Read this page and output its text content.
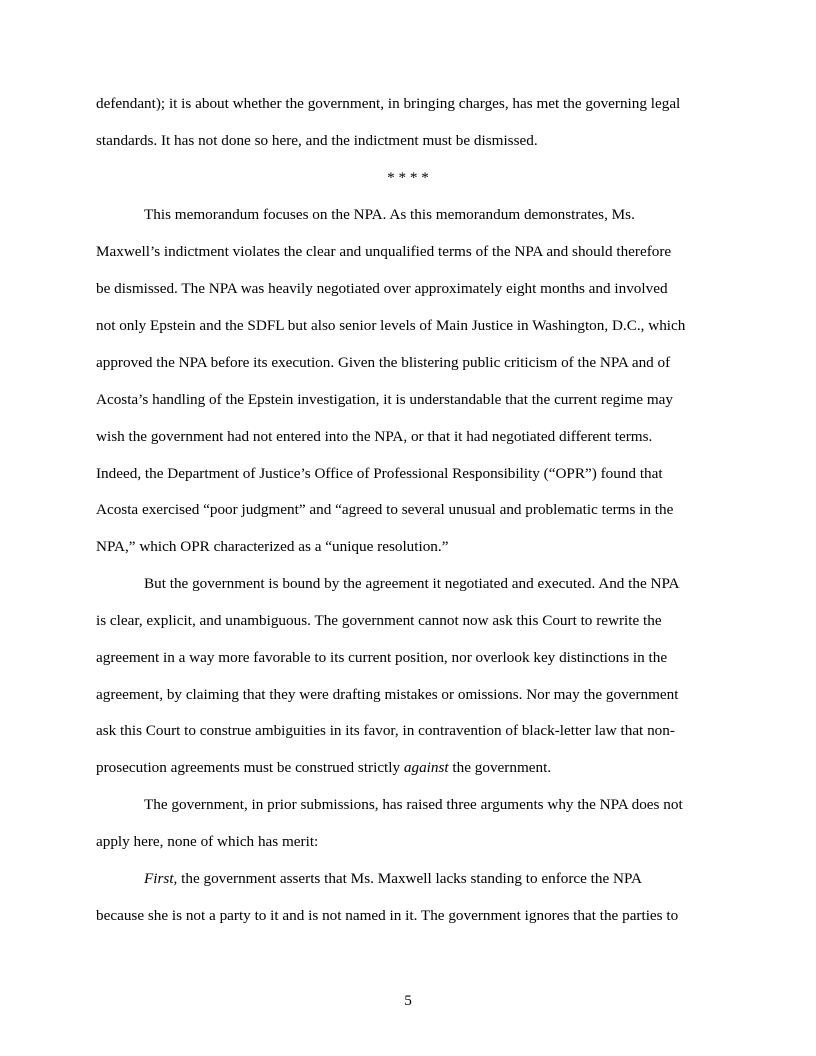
defendant); it is about whether the government, in bringing charges, has met the governing legal
standards. It has not done so here, and the indictment must be dismissed.
* * * *
This memorandum focuses on the NPA. As this memorandum demonstrates, Ms.
Maxwell’s indictment violates the clear and unqualified terms of the NPA and should therefore
be dismissed. The NPA was heavily negotiated over approximately eight months and involved
not only Epstein and the SDFL but also senior levels of Main Justice in Washington, D.C., which
approved the NPA before its execution. Given the blistering public criticism of the NPA and of
Acosta’s handling of the Epstein investigation, it is understandable that the current regime may
wish the government had not entered into the NPA, or that it had negotiated different terms.
Indeed, the Department of Justice’s Office of Professional Responsibility (“OPR”) found that
Acosta exercised “poor judgment” and “agreed to several unusual and problematic terms in the
NPA,” which OPR characterized as a “unique resolution.”
But the government is bound by the agreement it negotiated and executed. And the NPA
is clear, explicit, and unambiguous. The government cannot now ask this Court to rewrite the
agreement in a way more favorable to its current position, nor overlook key distinctions in the
agreement, by claiming that they were drafting mistakes or omissions. Nor may the government
ask this Court to construe ambiguities in its favor, in contravention of black-letter law that non-
prosecution agreements must be construed strictly against the government.
The government, in prior submissions, has raised three arguments why the NPA does not
apply here, none of which has merit:
First, the government asserts that Ms. Maxwell lacks standing to enforce the NPA
because she is not a party to it and is not named in it. The government ignores that the parties to
5
